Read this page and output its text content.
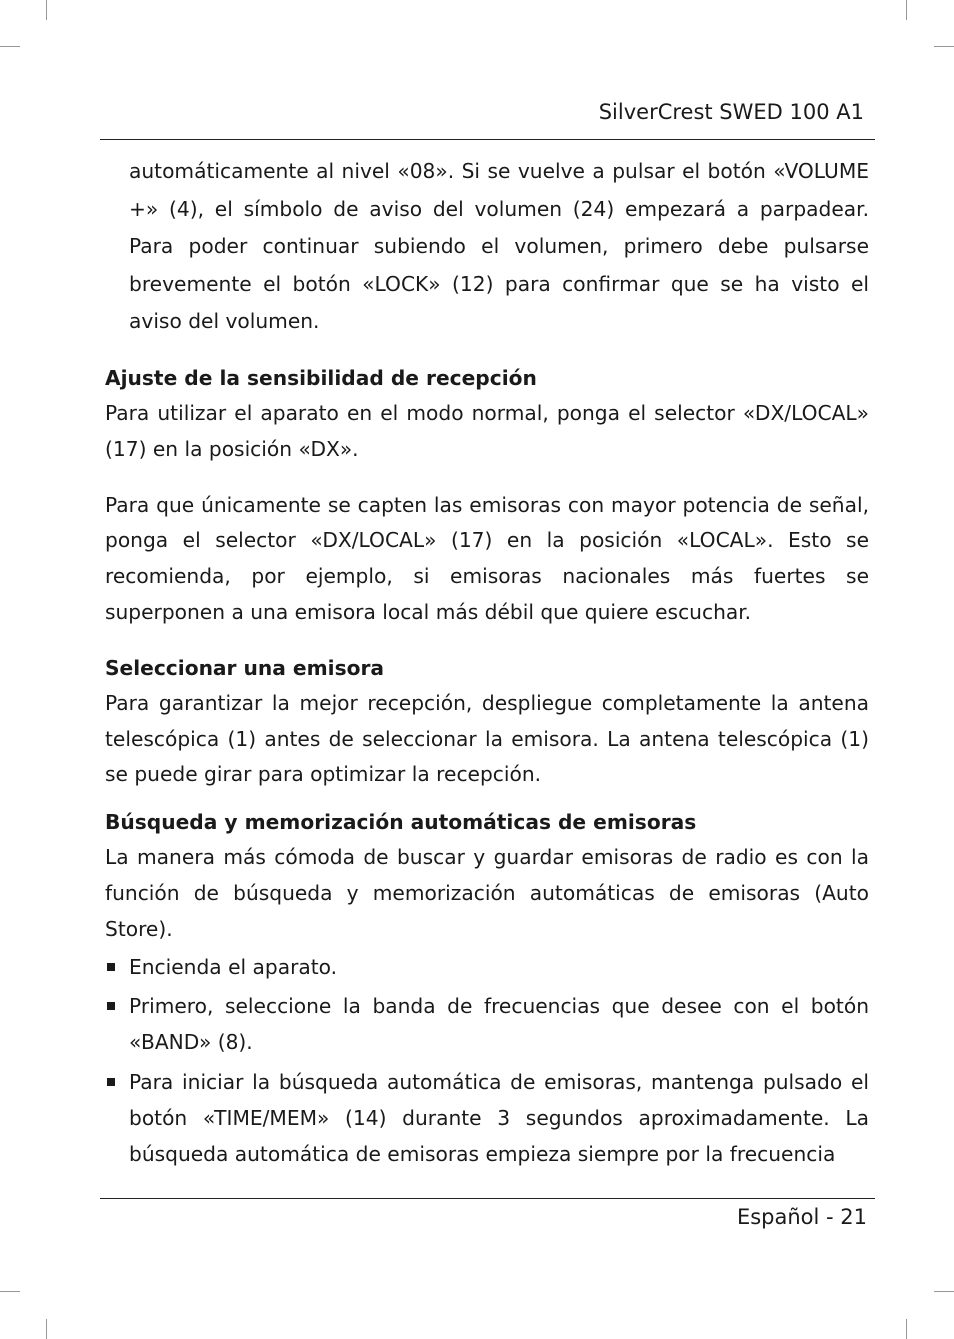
SilverCrest SWED 100 A1

automáticamente al nivel «08». Si se vuelve a pulsar el botón «VOLUME +» (4), el símbolo de aviso del volumen (24) empezará a parpadear. Para poder continuar subiendo el volumen, primero debe pulsarse brevemente el botón «LOCK» (12) para confirmar que se ha visto el aviso del volumen.

Ajuste de la sensibilidad de recepción

Para utilizar el aparato en el modo normal, ponga el selector «DX/LOCAL» (17) en la posición «DX».

Para que únicamente se capten las emisoras con mayor potencia de señal, ponga el selector «DX/LOCAL» (17) en la posición «LOCAL». Esto se recomienda, por ejemplo, si emisoras nacionales más fuertes se superponen a una emisora local más débil que quiere escuchar.

Seleccionar una emisora

Para garantizar la mejor recepción, despliegue completamente la antena telescópica (1) antes de seleccionar la emisora. La antena telescópica (1) se puede girar para optimizar la recepción.

Búsqueda y memorización automáticas de emisoras

La manera más cómoda de buscar y guardar emisoras de radio es con la función de búsqueda y memorización automáticas de emisoras (Auto Store).

Encienda el aparato.
Primero, seleccione la banda de frecuencias que desee con el botón «BAND» (8).
Para iniciar la búsqueda automática de emisoras, mantenga pulsado el botón «TIME/MEM» (14) durante 3 segundos aproximadamente. La búsqueda automática de emisoras empieza siempre por la frecuencia
Español - 21
